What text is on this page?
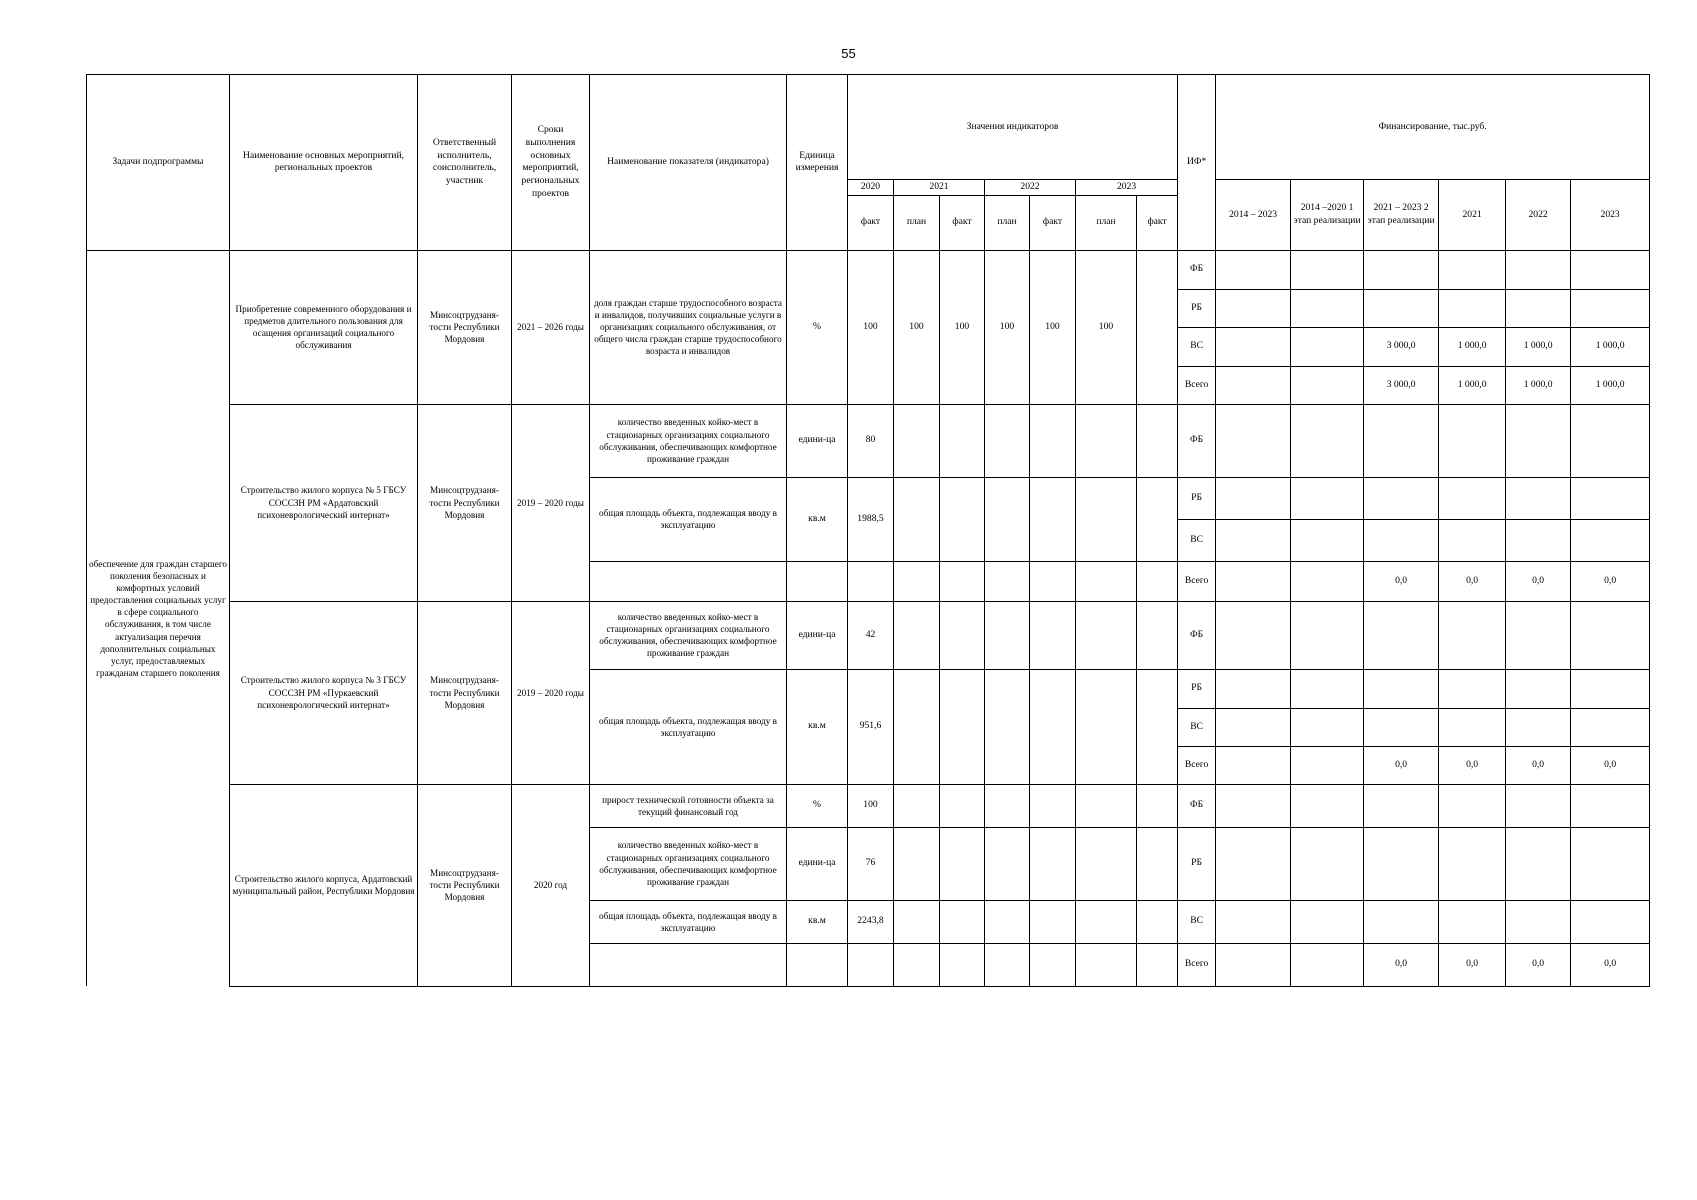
55
Задачи подпрограммы	Наименование основных мероприятий, региональных проектов	Ответственный исполнитель, соисполнитель, участник	Сроки выполнения основных мероприятий, региональных проектов	Наименование показателя (индикатора)	Единица измерения	Значения индикаторов							ИФ*	Финансирование, тыс.руб.					
						2020	2021		2022		2023			2014 – 2023	2014 –2020 1 этап реализации	2021 – 2023 2 этап реализации	2021	2022	2023
						факт	план	факт	план	факт	план	факт							
обеспечение для граждан старшего поколения безопасных и комфортных условий предоставления социальных услуг в сфере социального обслуживания, в том числе актуализация перечня дополнительных социальных услуг, предоставляемых гражданам старшего поколения	Приобретение современного оборудования и предметов длительного пользования для осащения организаций социального обслуживания	Минсоцтрудзаня-тости Республики Мордовия	2021 – 2026 годы	доля граждан старше трудоспособного возраста и инвалидов, получивших социальные услуги в организациях социального обслуживания, от общего числа граждан старше трудоспособного возраста и инвалидов	%	100	100	100	100	100	100		ФБ						
													РБ						
													ВС			3 000,0	1 000,0	1 000,0	1 000,0
													Всего			3 000,0	1 000,0	1 000,0	1 000,0
	Строительство жилого корпуса № 5 ГБСУ СОССЗН РМ «Ардатовский психоневрологический интернат»	Минсоцтрудзаня-тости Республики Мордовия	2019 – 2020 годы	количество введенных койко-мест в стационарных организациях социального обслуживания, обеспечивающих комфортное проживание граждан	едини-ца	80							ФБ						
				общая площадь объекта, подлежащая вводу в эксплуатацию	кв.м	1988,5							РБ						
													ВС						
													Всего			0,0	0,0	0,0	0,0
	Строительство жилого корпуса № 3 ГБСУ СОССЗН РМ «Пуркаевский психоневрологический интернат»	Минсоцтрудзаня-тости Республики Мордовия	2019 – 2020 годы	количество введенных койко-мест в стационарных организациях социального обслуживания, обеспечивающих комфортное проживание граждан	едини-ца	42							ФБ						
				общая площадь объекта, подлежащая вводу в эксплуатацию	кв.м	951,6							РБ						
													ВС						
													Всего			0,0	0,0	0,0	0,0
	Строительство жилого корпуса, Ардатовский муниципальный район, Республики Мордовия	Минсоцтрудзаня-тости Республики Мордовия	2020 год	прирост технической готовности объекта за текущий финансовый год	%	100							ФБ						
				количество введенных койко-мест в стационарных организациях социального обслуживания, обеспечивающих комфортное проживание граждан	едини-ца	76							РБ						
				общая площадь объекта, подлежащая вводу в эксплуатацию	кв.м	2243,8							ВС						
													Всего			0,0	0,0	0,0	0,0
